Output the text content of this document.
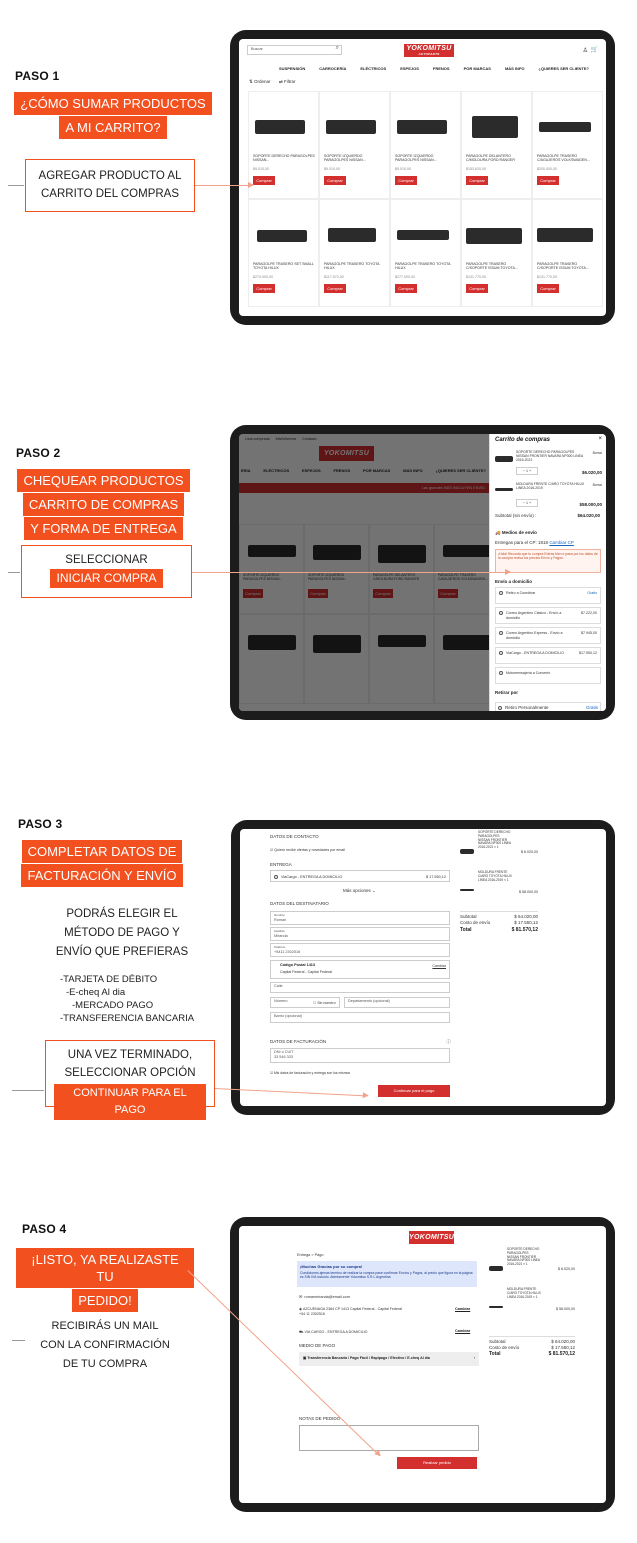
PASO 1
¿CÓMO SUMAR PRODUCTOS
A MI CARRITO?
AGREGAR PRODUCTO AL
CARRITO DEL COMPRAS
Buscar	⌕	YOKOMITSU
AUTOPARTS	♙ 🛒
SUSPENSIÓN	CARROCERÍA	ELÉCTRICOS	ESPEJOS	FRENOS	POR MARCAS	MÁS INFO	¿QUIERES SER CLIENTE?
⇅ Ordenar ⇄ Filtrar
SOPORTE DERECHO PARAGOLPES NISSAN...
$9.010,00
Comprar
SOPORTE IZQUIERDO PARAGOLPES NISSAN...
$9.010,00
Comprar
SOPORTE IZQUIERDO PARAGOLPES NISSAN...
$9.010,00
Comprar
PARAGOLPE DELANTERO C/MOLDURA FORD RANGER
$153.620,00
Comprar
PARAGOLPE TRASERO C/AGUJEROS VOLKSWAGEN...
$200.000,00
Comprar
PARAGOLPE TRASERO SET SMALL TOYOTA HILUX
$270.000,00
Comprar
PARAGOLPE TRASERO TOYOTA HILUX
$117.570,00
Comprar
PARAGOLPE TRASERO TOYOTA HILUX
$277.000,00
Comprar
PARAGOLPE TRASERO C/SOPORTE ISSUM TOYOTA...
$131.770,00
Comprar
PARAGOLPE TRASERO C/SOPORTE ISSUM TOYOTA...
$131.770,00
Comprar
PASO 2
CHEQUEAR PRODUCTOS
CARRITO DE COMPRAS
Y FORMA DE ENTREGA
SELECCIONAR
INICIAR COMPRA
Carrito de compras	×
SOPORTE DERECHO PARAGOLPES NISSAN FRONTIER NAVARA NP300 LINEA 2016-2021
Borrar
− 1 +	$6.020,00
MOLDURA FRENTE C/ARO TOYOTA HILUX LINEA 2016-2019
Borrar
− 1 +	$58.000,00
Subtotal (sin envío) :	$64.020,00
🚚 Medios de envío
Entregas para el CP: 1818 Cambiar CP
¡Hola! Recordá que tu compra Entras bien e pasa por los datos de la compra revisa los precios Envío y Pagos.
Envío a domicilio
Retiro a Coordinar	Gratis
Correo Argentino Clásico - Envío a domicilio
$7.222,00
Correo Argentino Express - Envío a domicilio
$7.945,00
ViaCargo - ENTREGA A DOMICILIO	$17.550,12
Motomensajería a Convenir
Retirar por
Retiro Personalmente	Gratis
PASO 3
COMPLETAR DATOS DE
FACTURACIÓN Y ENVÍO
PODRÁS ELEGIR EL
MÉTODO DE PAGO Y
ENVÍO QUE PREFIERAS
-TARJETA DE DÉBITO
-E-cheq Al dia
-MERCADO PAGO
-TRANSFERENCIA BANCARIA
UNA VEZ TERMINADO,
SELECCIONAR OPCIÓN
CONTINUAR PARA EL PAGO
DATOS DE CONTACTO
☑ Quiero recibir ofertas y novedades por email
ENTREGA
ViaCargo - ENTREGA A DOMICILIO	$ 17.550,12
Más opciones ⌄
DATOS DEL DESTINATARIO
Nombre
Roman
Apellido
Miranda
Teléfono
+5411 2302516
Código Postal 1413
Capital Federal - Capital Federal
Cambiar
Calle
Número	☐ Sin número	Departamento (opcional)
Barrio (opcional)
DATOS DE FACTURACIÓN	ⓘ
DNI o CUIT
33 546 333
☑ Mis datos de facturación y entrega son los mismos
Continuar para el pago
SOPORTE DERECHO PARAGOLPES NISSAN FRONTIER NAVARA NP300 LINEA 2016-2021 × 1
$ 6.020,00
MOLDURA FRENTE C/ARO TOYOTA HILUX LINEA 2016-2019 × 1
$ 58.000,00
Subtotal	$ 64.020,00
Costo de envío	$ 17.550,12
Total	$ 81.570,12
PASO 4
¡LISTO, YA REALIZASTE TU
PEDIDO!
RECIBIRÁS UN MAIL
CON LA CONFIRMACIÓN
DE TU COMPRA
YOKOMITSU
Entrega > Pago
¡Muchas Gracias por su compra!
Condiciones ajenas termino de realizar la compra pase confirmar Envíos y Pagos, al precio que figura en la página es SIN IVA incluido. Atentamente Yokomitsu S.R.L Argentina
✉ romanmiranda@email.com
◉ AZCUENAGA 2384 CP 1413 Capital Federal - Capital Federal +54 11 2302516
Cambiar
⛟ VIA CARGO - ENTREGA A DOMICILIO	Cambiar
MEDIO DE PAGO
▣ Transferencia Bancaria / Pago Fácil / Rapipago / Efectivo / E-cheq Al día	›
NOTAS DE PEDIDO
Realizar pedido
SOPORTE DERECHO PARAGOLPES NISSAN FRONTIER NAVARA NP300 LINEA 2016-2021 × 1
$ 6.020,00
MOLDURA FRENTE C/ARO TOYOTA HILUX LINEA 2016-2019 × 1
$ 58.000,00
Subtotal	$ 64.020,00
Costo de envío	$ 17.550,12
Total	$ 81.570,12
